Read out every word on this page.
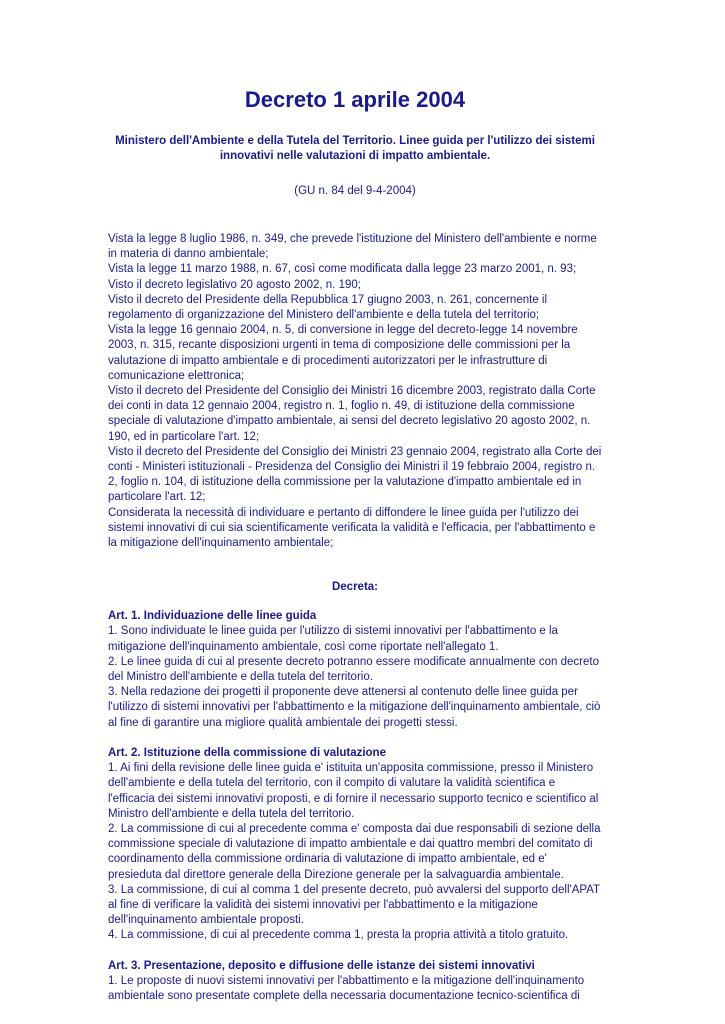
Decreto 1 aprile 2004
Ministero dell'Ambiente e della Tutela del Territorio. Linee guida per l'utilizzo dei sistemi innovativi nelle valutazioni di impatto ambientale.
(GU n. 84 del 9-4-2004)

Vista la legge 8 luglio 1986, n. 349, che prevede l'istituzione del Ministero dell'ambiente e norme in materia di danno ambientale;

Vista la legge 11 marzo 1988, n. 67, così come modificata dalla legge 23 marzo 2001, n. 93;

Visto il decreto legislativo 20 agosto 2002, n. 190;

Visto il decreto del Presidente della Repubblica 17 giugno 2003, n. 261, concernente il regolamento di organizzazione del Ministero dell'ambiente e della tutela del territorio;

Vista la legge 16 gennaio 2004, n. 5, di conversione in legge del decreto-legge 14 novembre 2003, n. 315, recante disposizioni urgenti in tema di composizione delle commissioni per la valutazione di impatto ambientale e di procedimenti autorizzatori per le infrastrutture di comunicazione elettronica;

Visto il decreto del Presidente del Consiglio dei Ministri 16 dicembre 2003, registrato dalla Corte dei conti in data 12 gennaio 2004, registro n. 1, foglio n. 49, di istituzione della commissione speciale di valutazione d'impatto ambientale, ai sensi del decreto legislativo 20 agosto 2002, n. 190, ed in particolare l'art. 12;

Visto il decreto del Presidente del Consiglio dei Ministri 23 gennaio 2004, registrato alla Corte dei conti - Ministeri istituzionali - Presidenza del Consiglio dei Ministri il 19 febbraio 2004, registro n. 2, foglio n. 104, di istituzione della commissione per la valutazione d'impatto ambientale ed in particolare l'art. 12;

Considerata la necessità di individuare e pertanto di diffondere le linee guida per l'utilizzo dei sistemi innovativi di cui sia scientificamente verificata la validità e l'efficacia, per l'abbattimento e la mitigazione dell'inquinamento ambientale;

Decreta:

Art. 1. Individuazione delle linee guida

1. Sono individuate le linee guida per l'utilizzo di sistemi innovativi per l'abbattimento e la mitigazione dell'inquinamento ambientale, così come riportate nell'allegato 1.

2. Le linee guida di cui al presente decreto potranno essere modificate annualmente con decreto del Ministro dell'ambiente e della tutela del territorio.

3. Nella redazione dei progetti il proponente deve attenersi al contenuto delle linee guida per l'utilizzo di sistemi innovativi per l'abbattimento e la mitigazione dell'inquinamento ambientale, ciò al fine di garantire una migliore qualità ambientale dei progetti stessi.

Art. 2. Istituzione della commissione di valutazione

1. Ai fini della revisione delle linee guida e' istituita un'apposita commissione, presso il Ministero dell'ambiente e della tutela del territorio, con il compito di valutare la validità scientifica e l'efficacia dei sistemi innovativi proposti, e di fornire il necessario supporto tecnico e scientifico al Ministro dell'ambiente e della tutela del territorio.

2. La commissione di cui al precedente comma e' composta dai due responsabili di sezione della commissione speciale di valutazione di impatto ambientale e dai quattro membri del comitato di coordinamento della commissione ordinaria di valutazione di impatto ambientale, ed e' presieduta dal direttore generale della Direzione generale per la salvaguardia ambientale.

3. La commissione, di cui al comma 1 del presente decreto, può avvalersi del supporto dell'APAT al fine di verificare la validità dei sistemi innovativi per l'abbattimento e la mitigazione dell'inquinamento ambientale proposti.

4. La commissione, di cui al precedente comma 1, presta la propria attività a titolo gratuito.

Art. 3. Presentazione, deposito e diffusione delle istanze dei sistemi innovativi

1. Le proposte di nuovi sistemi innovativi per l'abbattimento e la mitigazione dell'inquinamento ambientale sono presentate complete della necessaria documentazione tecnico-scientifica di
